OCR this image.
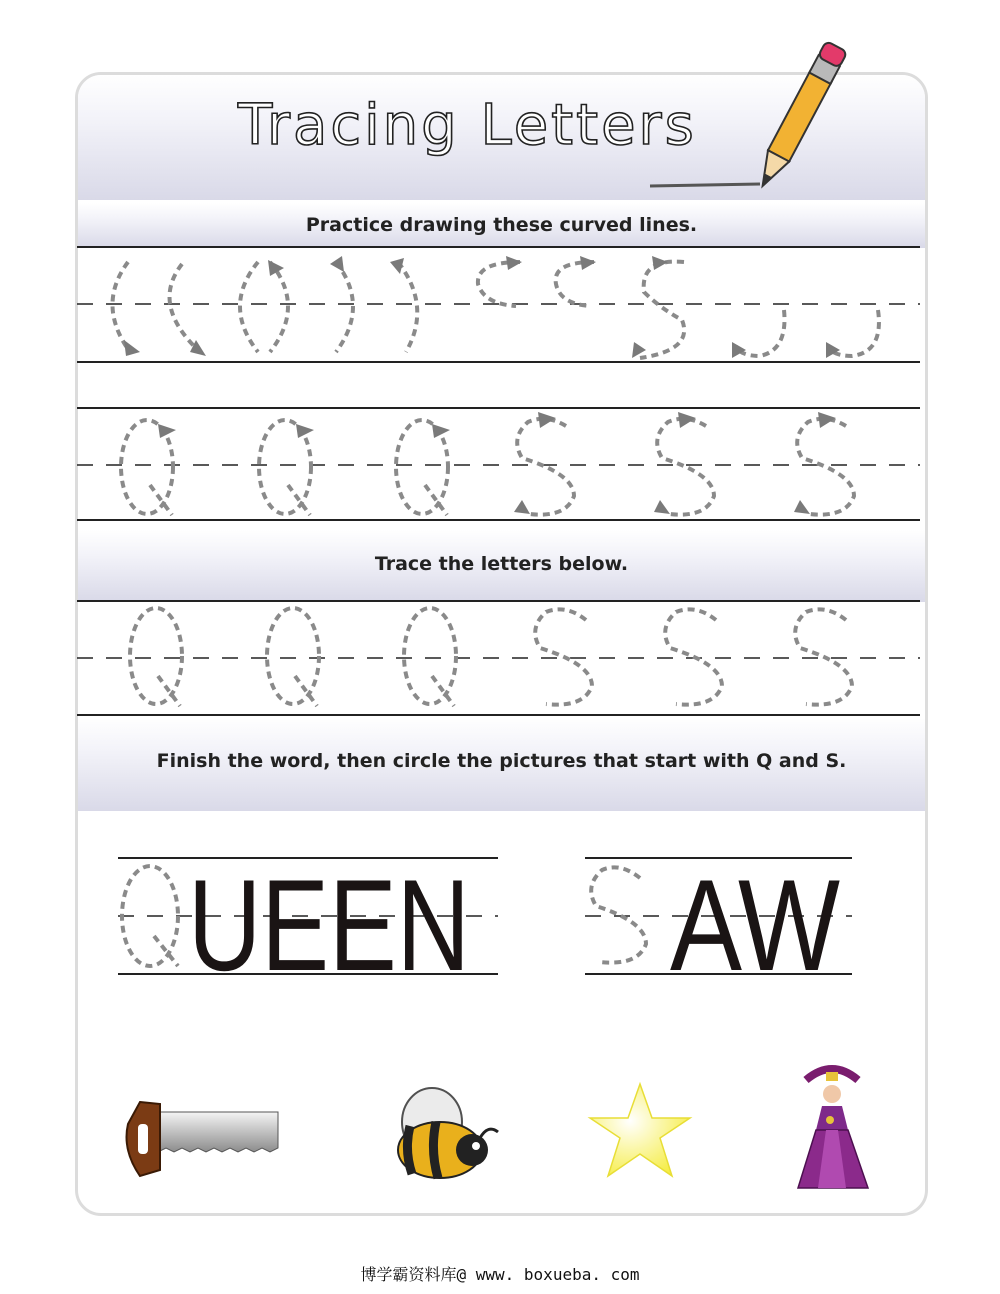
Tracing Letters
Practice drawing these curved lines.
Trace the letters below.
Finish the word, then circle the pictures that start with Q and S.
UEEN AW
博学霸资料库@ www. boxueba. com
